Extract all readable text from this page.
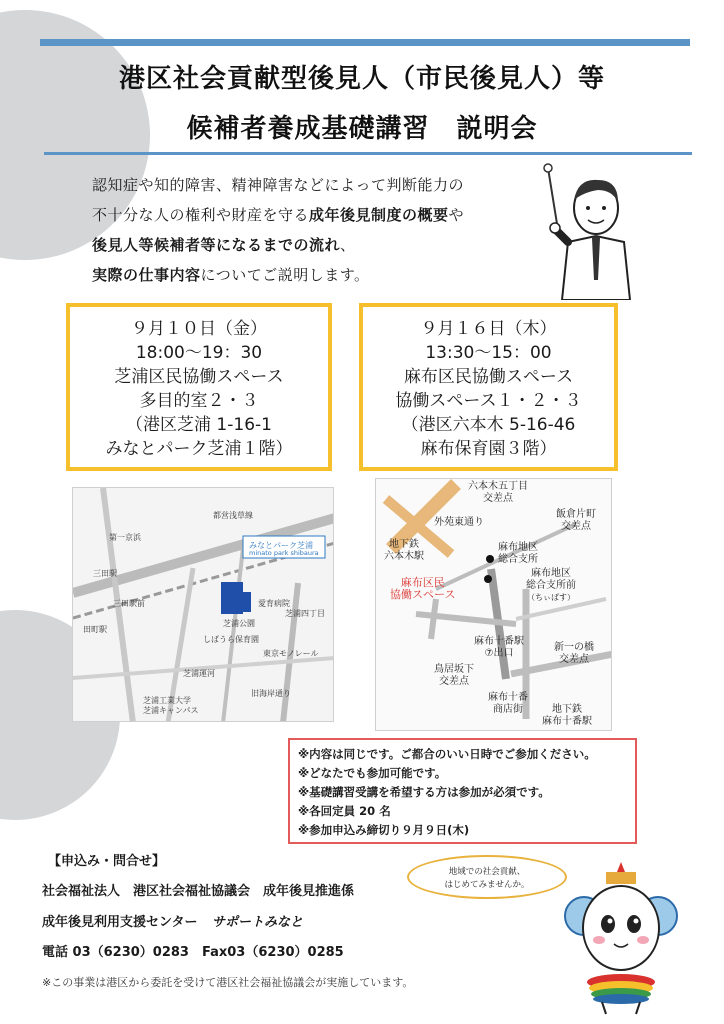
港区社会貢献型後見人（市民後見人）等
候補者養成基礎講習　説明会
認知症や知的障害、精神障害などによって判断能力の
不十分な人の権利や財産を守る成年後見制度の概要や
後見人等候補者等になるまでの流れ、
実際の仕事内容についてご説明します。
９月１０日（金）
18:00～19：30
芝浦区民協働スペース
多目的室２・３
（港区芝浦 1-16-1
みなとパーク芝浦１階）
９月１６日（木）
13:30～15：00
麻布区民協働スペース
協働スペース１・２・３
（港区六本木 5-16-46
麻布保育園３階）
都営浅草線
三田駅
田町駅
芝浦公園
みなとパーク芝浦
minato park shibaura
愛育病院
しばうら保育園
芝浦工業大学
芝浦キャンパス
東京モノレール
旧海岸通り
第一京浜
三田駅前
芝浦運河
芝浦四丁目
六本木五丁目
交差点
外苑東通り
飯倉片町
交差点
地下鉄
六本木駅
麻布地区
総合支所
麻布地区
総合支所前
（ちぃばす）
麻布区民
協働スペース
麻布十番駅
⑦出口
新一の橋
交差点
鳥居坂下
交差点
麻布十番
商店街	地下鉄
麻布十番駅
※内容は同じです。ご都合のいい日時でご参加ください。
※どなたでも参加可能です。
※基礎講習受講を希望する方は参加が必須です。
※各回定員 20 名
※参加申込み締切り９月９日(木)
【申込み・問合せ】
社会福祉法人　港区社会福祉協議会　成年後見推進係
成年後見利用支援センター サポートみなと
電話 03（6230）0283　Fax03（6230）0285
地域での社会貢献、
はじめてみませんか。
※この事業は港区から委託を受けて港区社会福祉協議会が実施しています。
